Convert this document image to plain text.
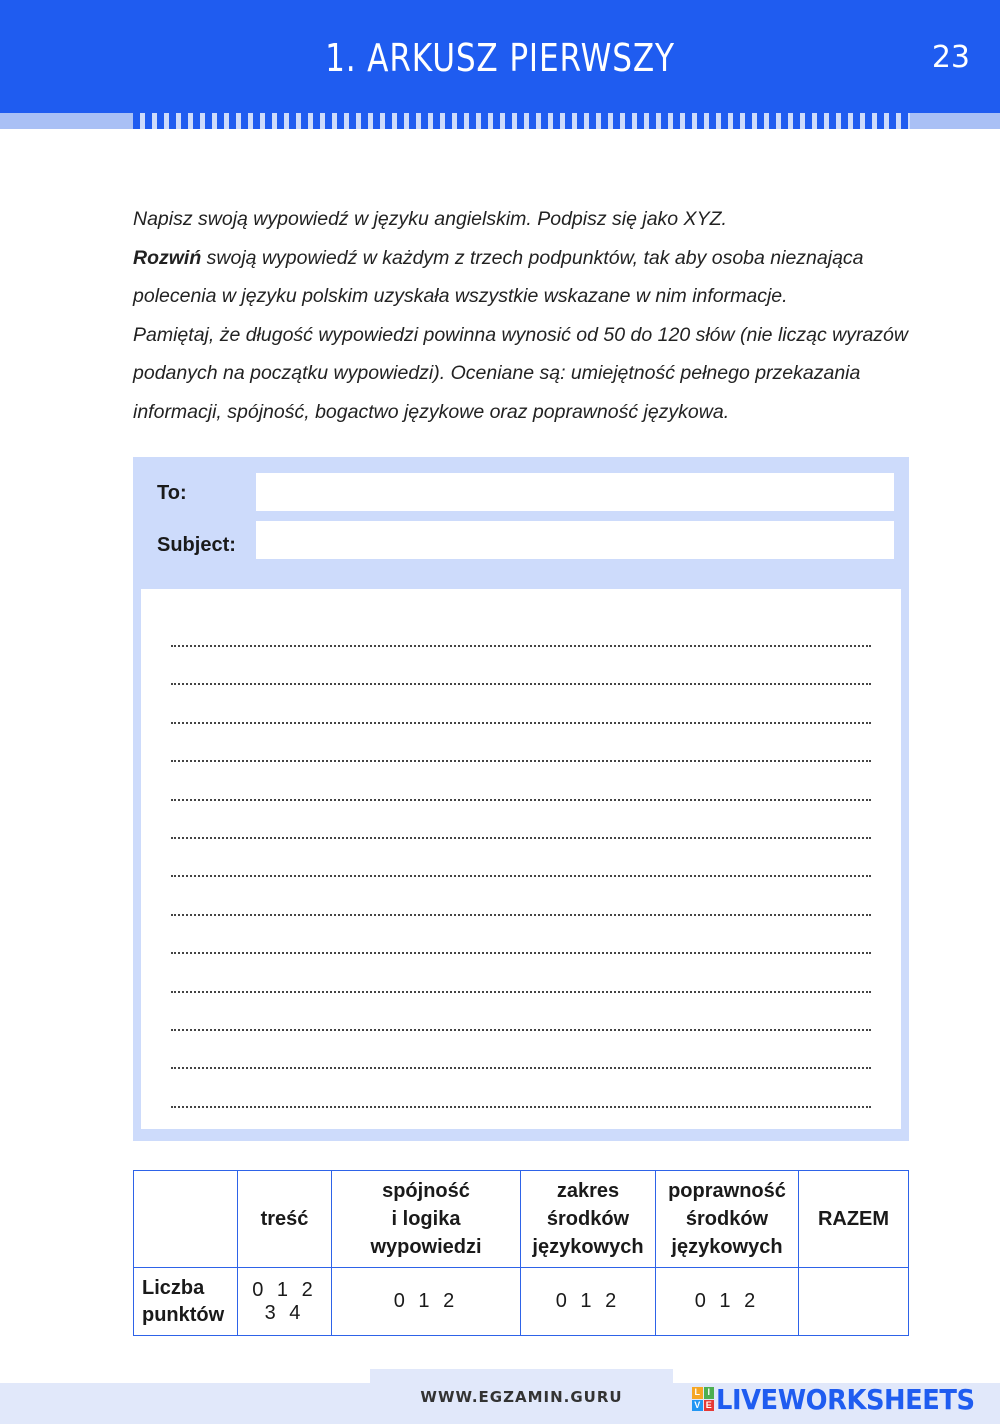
1. ARKUSZ PIERWSZY	23

Napisz swoją wypowiedź w języku angielskim. Podpisz się jako XYZ.

Rozwiń swoją wypowiedź w każdym z trzech podpunktów, tak aby osoba nieznająca polecenia w języku polskim uzyskała wszystkie wskazane w nim informacje.

Pamiętaj, że długość wypowiedzi powinna wynosić od 50 do 120 słów (nie licząc wyrazów podanych na początku wypowiedzi). Oceniane są: umiejętność pełnego przekazania informacji, spójność, bogactwo językowe oraz poprawność językowa.

To:
Subject:
	treść	spójność
i logika
wypowiedzi	zakres
środków
językowych	poprawność
środków
językowych	RAZEM
Liczba
punktów	0 1 2 3 4	0 1 2	0 1 2	0 1 2	
WWW.EGZAMIN.GURU	L I
V E LIVEWORKSHEETS
